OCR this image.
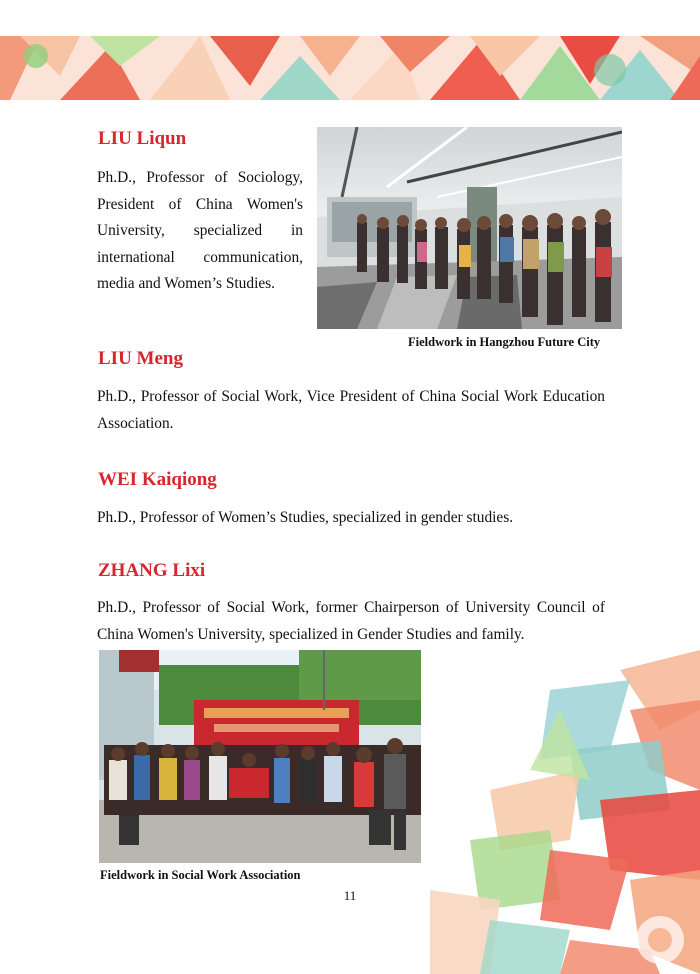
LIU Liqun

Ph.D., Professor of Sociology,

President of China Women's

University, specialized in

international communication,

media and Women’s Studies.

Fieldwork in Hangzhou Future City

LIU Meng

Ph.D., Professor of Social Work, Vice President of China Social Work Education Association.

WEI Kaiqiong

Ph.D., Professor of Women’s Studies, specialized in gender studies.

ZHANG Lixi

Ph.D., Professor of Social Work, former Chairperson of University Council of China Women's University, specialized in Gender Studies and family.

Fieldwork in Social Work Association

11
